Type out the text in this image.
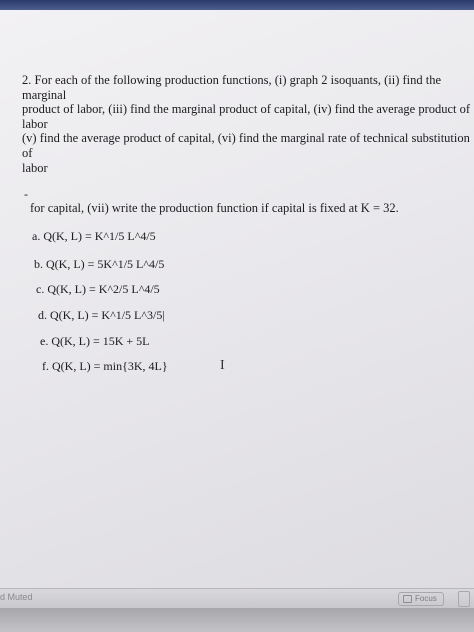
2. For each of the following production functions, (i) graph 2 isoquants, (ii) find the marginal
product of labor, (iii) find the marginal product of capital, (iv) find the average product of labor
(v) find the average product of capital, (vi) find the marginal rate of technical substitution of
labor

-
for capital, (vii) write the production function if capital is fixed at K = 32.
a. Q(K, L) = K^1/5 L^4/5
b. Q(K, L) = 5K^1/5 L^4/5
c. Q(K, L) = K^2/5 L^4/5
d. Q(K, L) = K^1/5 L^3/5|
e. Q(K, L) = 15K + 5L
f. Q(K, L) = min{3K, 4L}	I
d Muted	Focus
